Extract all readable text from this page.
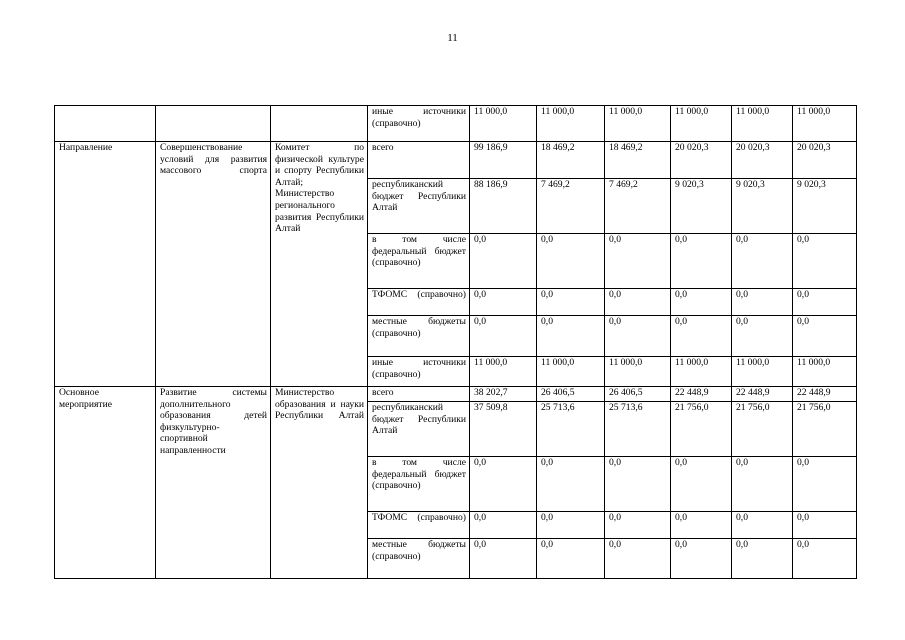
11
			иные источники (справочно)	11 000,0	11 000,0	11 000,0	11 000,0	11 000,0	11 000,0
Направление	Совершенствование условий для развития массового спорта	Комитет по физической культуре и спорту Республики Алтай; Министерство регионального развития Республики Алтай	всего	99 186,9	18 469,2	18 469,2	20 020,3	20 020,3	20 020,3
			республиканский бюджет Республики Алтай	88 186,9	7 469,2	7 469,2	9 020,3	9 020,3	9 020,3
			в том числе федеральный бюджет (справочно)	0,0	0,0	0,0	0,0	0,0	0,0
			ТФОМС (справочно)	0,0	0,0	0,0	0,0	0,0	0,0
			местные бюджеты (справочно)	0,0	0,0	0,0	0,0	0,0	0,0
			иные источники (справочно)	11 000,0	11 000,0	11 000,0	11 000,0	11 000,0	11 000,0
Основное мероприятие	Развитие системы дополнительного образования детей физкультурно-спортивной направленности	Министерство образования и науки Республики Алтай	всего	38 202,7	26 406,5	26 406,5	22 448,9	22 448,9	22 448,9
			республиканский бюджет Республики Алтай	37 509,8	25 713,6	25 713,6	21 756,0	21 756,0	21 756,0
			в том числе федеральный бюджет (справочно)	0,0	0,0	0,0	0,0	0,0	0,0
			ТФОМС (справочно)	0,0	0,0	0,0	0,0	0,0	0,0
			местные бюджеты (справочно)	0,0	0,0	0,0	0,0	0,0	0,0
